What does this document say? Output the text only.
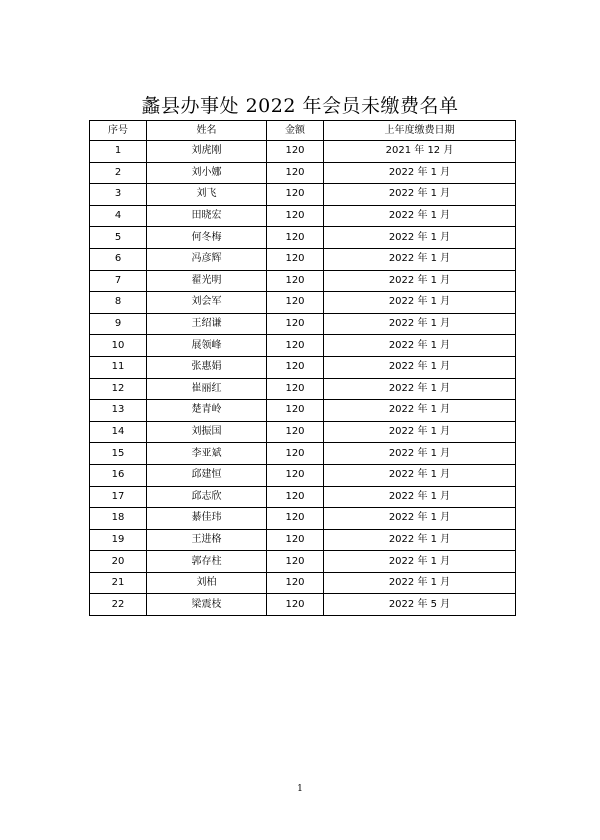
蠡县办事处 2022 年会员未缴费名单
序号	姓名	金额	上年度缴费日期
1	刘虎刚	120	2021 年 12 月
2	刘小娜	120	2022 年 1 月
3	刘飞	120	2022 年 1 月
4	田晓宏	120	2022 年 1 月
5	何冬梅	120	2022 年 1 月
6	冯彦辉	120	2022 年 1 月
7	翟光明	120	2022 年 1 月
8	刘会军	120	2022 年 1 月
9	王绍谦	120	2022 年 1 月
10	展领峰	120	2022 年 1 月
11	张惠娟	120	2022 年 1 月
12	崔丽红	120	2022 年 1 月
13	楚青岭	120	2022 年 1 月
14	刘振国	120	2022 年 1 月
15	李亚斌	120	2022 年 1 月
16	邱建恒	120	2022 年 1 月
17	邱志欣	120	2022 年 1 月
18	綦佳玮	120	2022 年 1 月
19	王进格	120	2022 年 1 月
20	郭存柱	120	2022 年 1 月
21	刘柏	120	2022 年 1 月
22	梁震枝	120	2022 年 5 月
1
